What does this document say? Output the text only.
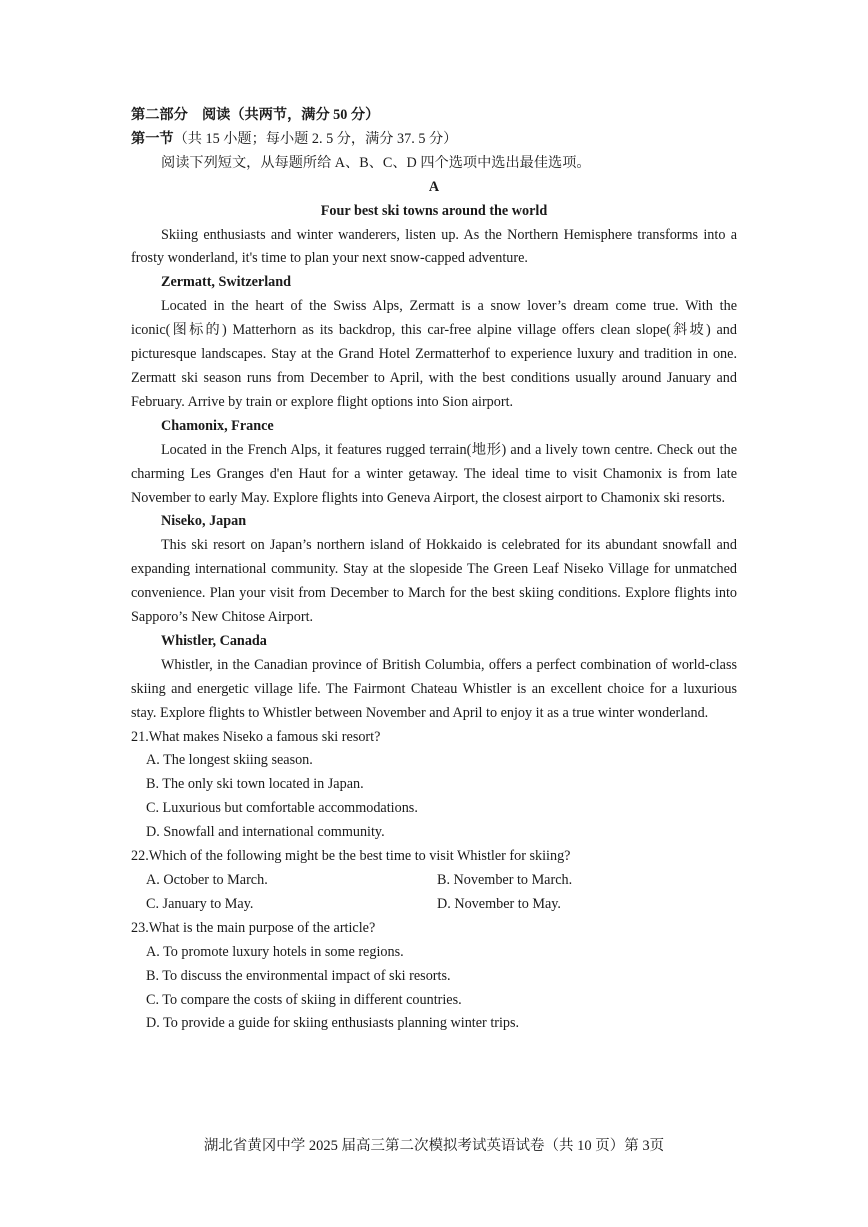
第二部分　阅读（共两节，满分 50 分）
第一节（共 15 小题；每小题 2. 5 分，满分 37. 5 分）
阅读下列短文，从每题所给 A、B、C、D 四个选项中选出最佳选项。
A
Four best ski towns around the world

Skiing enthusiasts and winter wanderers, listen up. As the Northern Hemisphere transforms into a frosty wonderland, it's time to plan your next snow-capped adventure.

Zermatt, Switzerland

Located in the heart of the Swiss Alps, Zermatt is a snow lover’s dream come true. With the iconic(图标的) Matterhorn as its backdrop, this car-free alpine village offers clean slope(斜坡) and picturesque landscapes. Stay at the Grand Hotel Zermatterhof to experience luxury and tradition in one. Zermatt ski season runs from December to April, with the best conditions usually around January and February. Arrive by train or explore flight options into Sion airport.

Chamonix, France

Located in the French Alps, it features rugged terrain(地形) and a lively town centre. Check out the charming Les Granges d'en Haut for a winter getaway. The ideal time to visit Chamonix is from late November to early May. Explore flights into Geneva Airport, the closest airport to Chamonix ski resorts.

Niseko, Japan

This ski resort on Japan’s northern island of Hokkaido is celebrated for its abundant snowfall and expanding international community. Stay at the slopeside The Green Leaf Niseko Village for unmatched convenience. Plan your visit from December to March for the best skiing conditions. Explore flights into Sapporo’s New Chitose Airport.

Whistler, Canada

Whistler, in the Canadian province of British Columbia, offers a perfect combination of world-class skiing and energetic village life. The Fairmont Chateau Whistler is an excellent choice for a luxurious stay. Explore flights to Whistler between November and April to enjoy it as a true winter wonderland.

21.What makes Niseko a famous ski resort?
A. The longest skiing season.
B. The only ski town located in Japan.
C. Luxurious but comfortable accommodations.
D. Snowfall and international community.
22.Which of the following might be the best time to visit Whistler for skiing?
A. October to March.	B. November to March.
C. January to May.	D. November to May.
23.What is the main purpose of the article?
A. To promote luxury hotels in some regions.
B. To discuss the environmental impact of ski resorts.
C. To compare the costs of skiing in different countries.
D. To provide a guide for skiing enthusiasts planning winter trips.
湖北省黄冈中学 2025 届高三第二次模拟考试英语试卷（共 10 页）第 3页
